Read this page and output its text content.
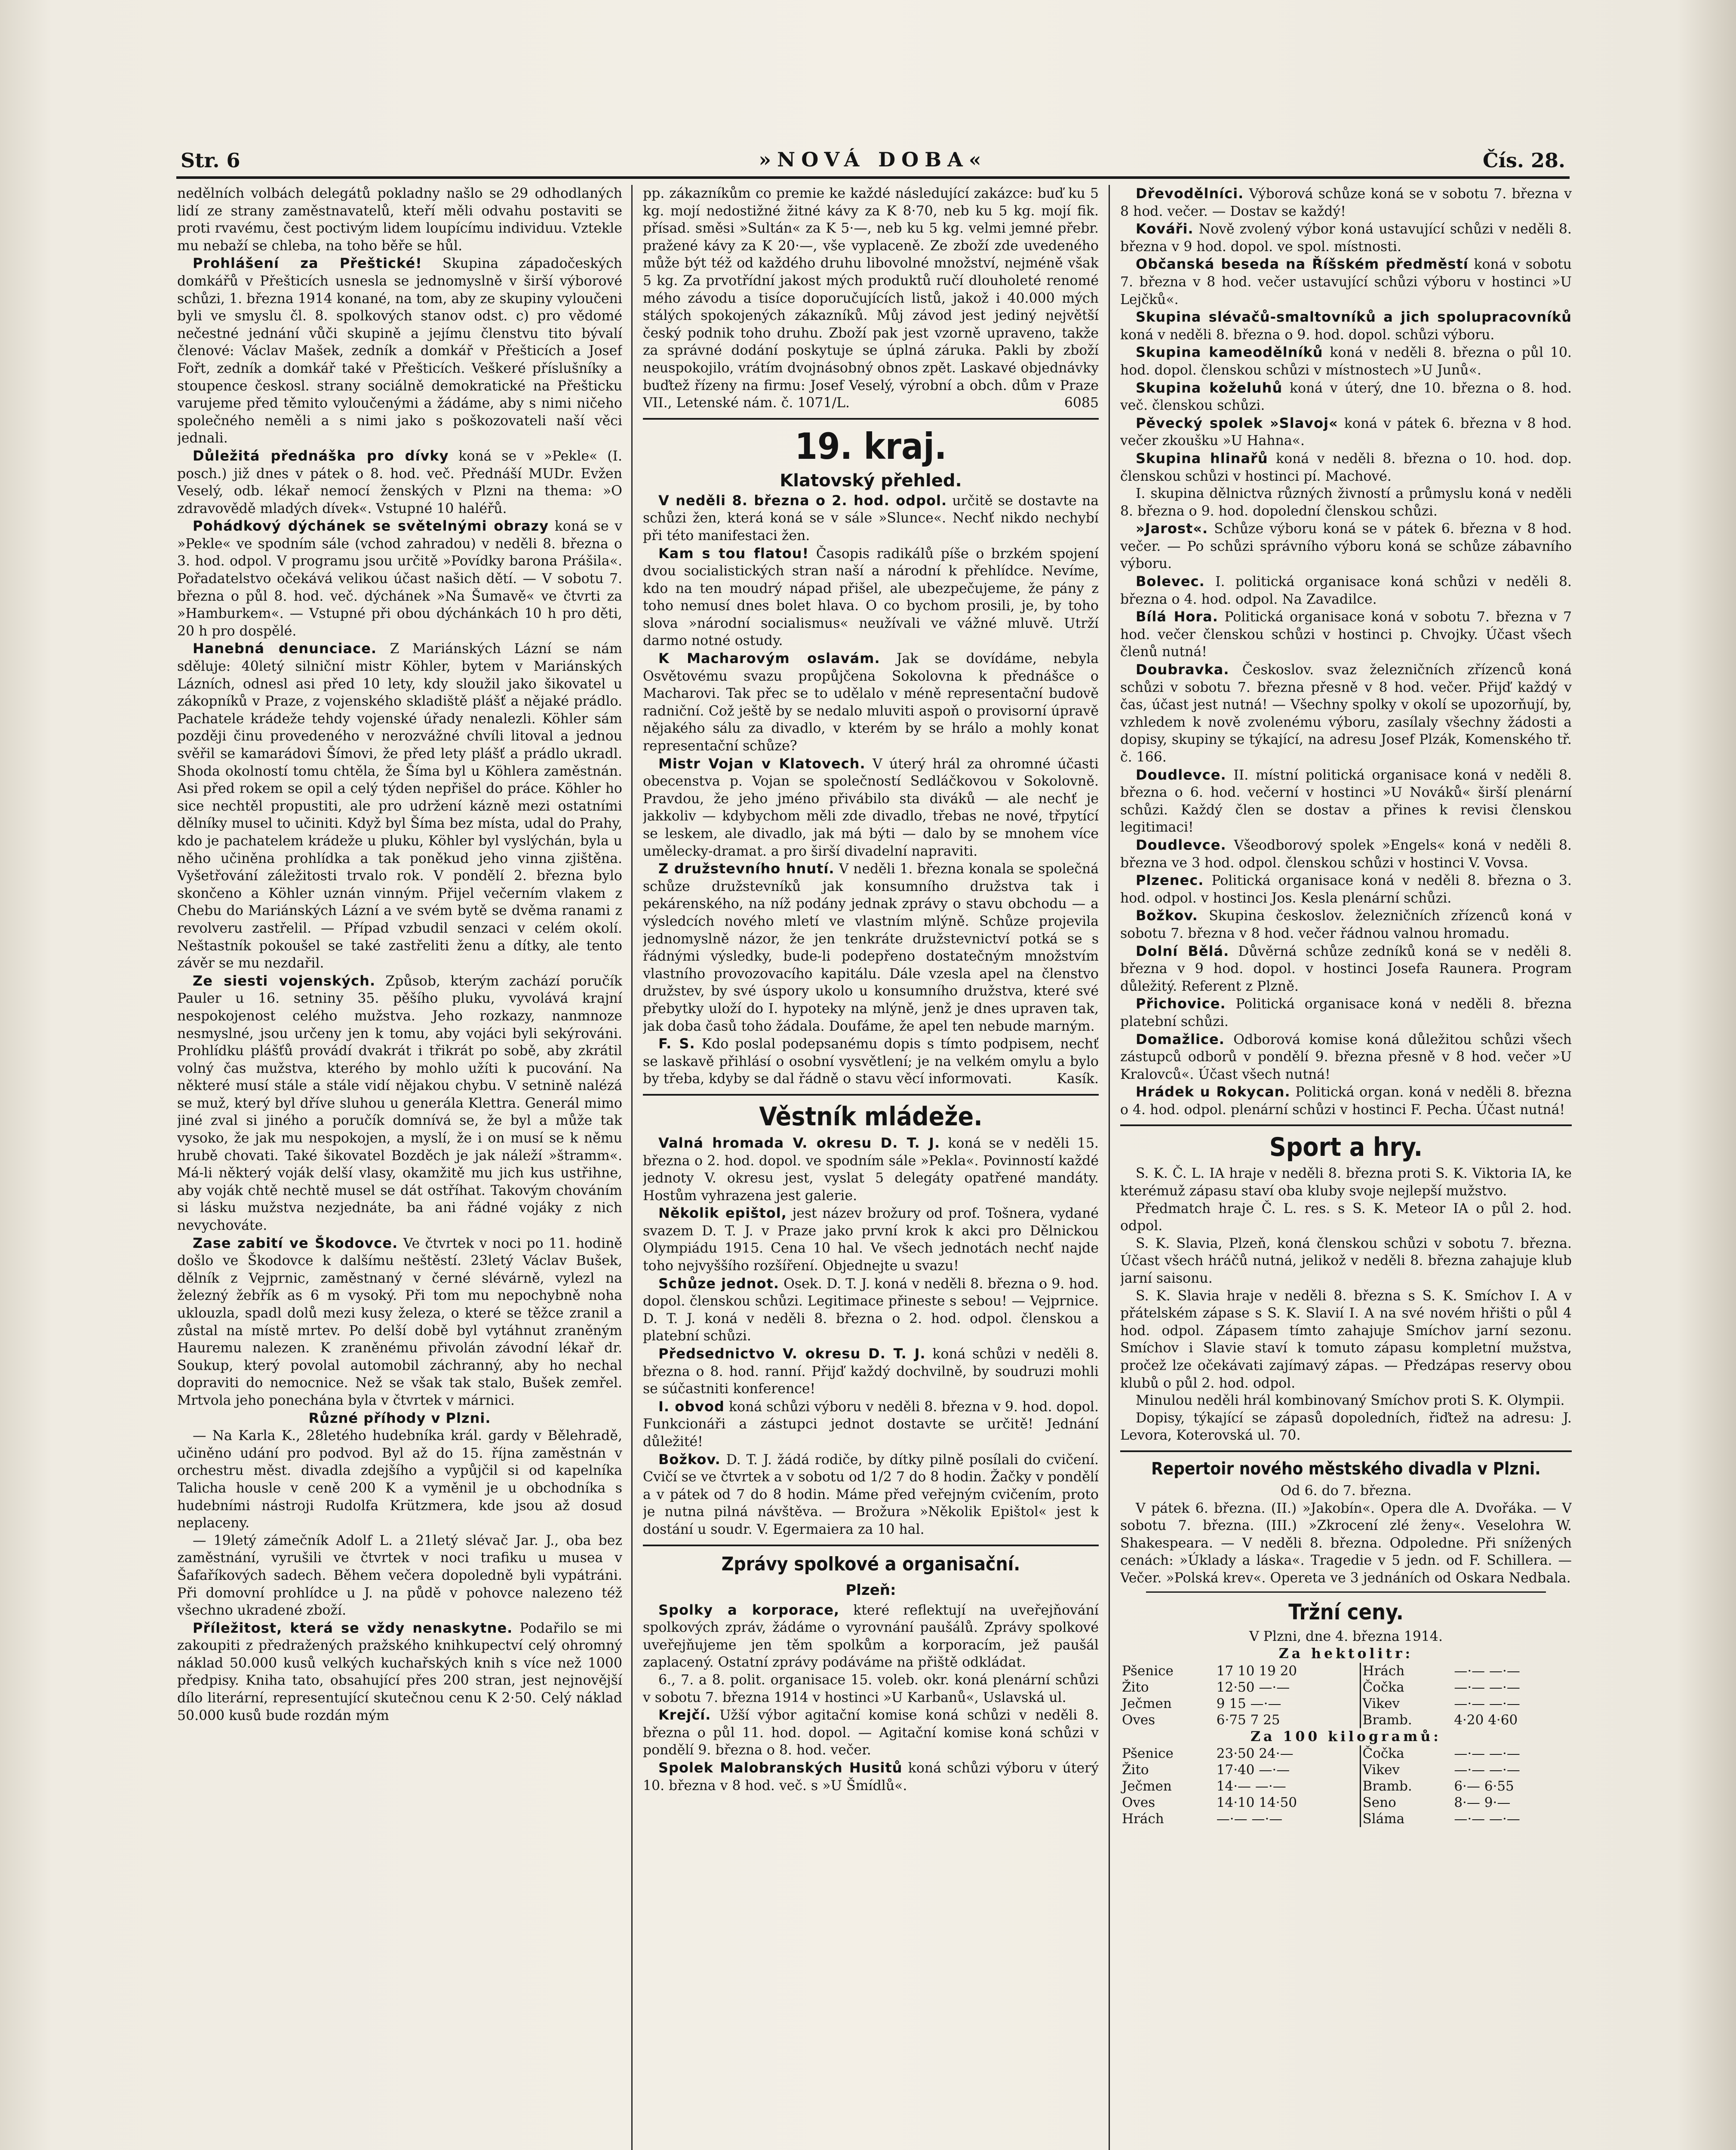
Str. 6	»NOVÁ DOBA«	Čís. 28.

nedělních volbách delegátů pokladny našlo se 29 odhodlaných lidí ze strany zaměstnavatelů, kteří měli odvahu postaviti se proti rvavému, čest poctivým lidem loupícímu individuu. Vztekle mu nebaží se chleba, na toho běře se hůl.

Prohlášení za Přeštické! Skupina západočeských domkářů v Přešticích usnesla se jednomyslně v širší výborové schůzi, 1. března 1914 konané, na tom, aby ze skupiny vyloučeni byli ve smyslu čl. 8. spolkových stanov odst. c) pro vědomé nečestné jednání vůči skupině a jejímu členstvu tito bývalí členové: Václav Mašek, zedník a domkář v Přešticích a Josef Fořt, zedník a domkář také v Přešticích. Veškeré příslušníky a stoupence českosl. strany sociálně demokratické na Přešticku varujeme před těmito vyloučenými a žádáme, aby s nimi ničeho společného neměli a s nimi jako s poškozovateli naší věci jednali.

Důležitá přednáška pro dívky koná se v »Pekle« (I. posch.) již dnes v pátek o 8. hod. več. Přednáší MUDr. Evžen Veselý, odb. lékař nemocí ženských v Plzni na thema: »O zdravovědě mladých dívek«. Vstupné 10 haléřů.

Pohádkový dýchánek se světelnými obrazy koná se v »Pekle« ve spodním sále (vchod zahradou) v neděli 8. března o 3. hod. odpol. V programu jsou určitě »Povídky barona Prášila«. Pořadatelstvo očekává velikou účast našich dětí. — V sobotu 7. března o půl 8. hod. več. dýchánek »Na Šumavě« ve čtvrti za »Hamburkem«. — Vstupné při obou dýchánkách 10 h pro děti, 20 h pro dospělé.

Hanebná denunciace. Z Mariánských Lázní se nám sděluje: 40letý silniční mistr Köhler, bytem v Mariánských Lázních, odnesl asi před 10 lety, kdy sloužil jako šikovatel u zákopníků v Praze, z vojenského skladiště plášť a nějaké prádlo. Pachatele krádeže tehdy vojenské úřady nenalezli. Köhler sám později činu provedeného v nerozvážné chvíli litoval a jednou svěřil se kamarádovi Šímovi, že před lety plášť a prádlo ukradl. Shoda okolností tomu chtěla, že Šíma byl u Köhlera zaměstnán. Asi před rokem se opil a celý týden nepřišel do práce. Köhler ho sice nechtěl propustiti, ale pro udržení kázně mezi ostatními dělníky musel to učiniti. Když byl Šíma bez místa, udal do Prahy, kdo je pachatelem krádeže u pluku, Köhler byl vyslýchán, byla u něho učiněna prohlídka a tak poněkud jeho vinna zjištěna. Vyšetřování záležitosti trvalo rok. V pondělí 2. března bylo skončeno a Köhler uznán vinným. Přijel večerním vlakem z Chebu do Mariánských Lázní a ve svém bytě se dvěma ranami z revolveru zastřelil. — Případ vzbudil senzaci v celém okolí. Neštastník pokoušel se také zastřeliti ženu a dítky, ale tento závěr se mu nezdařil.

Ze siesti vojenských. Způsob, kterým zachází poručík Pauler u 16. setniny 35. pěšího pluku, vyvolává krajní nespokojenost celého mužstva. Jeho rozkazy, nanmnoze nesmyslné, jsou určeny jen k tomu, aby vojáci byli sekýrováni. Prohlídku plášťů provádí dvakrát i třikrát po sobě, aby zkrátil volný čas mužstva, kterého by mohlo užíti k pucování. Na některé musí stále a stále vidí nějakou chybu. V setnině nalézá se muž, který byl dříve sluhou u generála Klettra. Generál mimo jiné zval si jiného a poručík domnívá se, že byl a může tak vysoko, že jak mu nespokojen, a myslí, že i on musí se k němu hrubě chovati. Také šikovatel Bozděch je jak náleží »štramm«. Má-li některý voják delší vlasy, okamžitě mu jich kus ustřihne, aby voják chtě nechtě musel se dát ostříhat. Takovým chováním si lásku mužstva nezjednáte, ba ani řádné vojáky z nich nevychováte.

Zase zabití ve Škodovce. Ve čtvrtek v noci po 11. hodině došlo ve Škodovce k dalšímu neštěstí. 23letý Václav Bušek, dělník z Vejprnic, zaměstnaný v černé slévárně, vylezl na železný žebřík as 6 m vysoký. Při tom mu nepochybně noha uklouzla, spadl dolů mezi kusy železa, o které se těžce zranil a zůstal na místě mrtev. Po delší době byl vytáhnut zraněným Hauremu nalezen. K zraněnému přivolán závodní lékař dr. Soukup, který povolal automobil záchranný, aby ho nechal dopraviti do nemocnice. Než se však tak stalo, Bušek zemřel. Mrtvola jeho ponechána byla v čtvrtek v márnici.

Různé příhody v Plzni.

— Na Karla K., 28letého hudebníka král. gardy v Bělehradě, učiněno udání pro podvod. Byl až do 15. října zaměstnán v orchestru měst. divadla zdejšího a vypůjčil si od kapelníka Talicha housle v ceně 200 K a vyměnil je u obchodníka s hudebními nástroji Rudolfa Krützmera, kde jsou až dosud neplaceny.

— 19letý zámečník Adolf L. a 21letý slévač Jar. J., oba bez zaměstnání, vyrušili ve čtvrtek v noci trafiku u musea v Šafaříkových sadech. Během večera dopoledně byli vypátráni. Při domovní prohlídce u J. na půdě v pohovce nalezeno též všechno ukradené zboží.

Příležitost, která se vždy nenaskytne. Podařilo se mi zakoupiti z předražených pražského knihkupectví celý ohromný náklad 50.000 kusů velkých kuchařských knih s více než 1000 předpisy. Kniha tato, obsahující přes 200 stran, jest nejnovější dílo literární, representující skutečnou cenu K 2·50. Celý náklad 50.000 kusů bude rozdán mým

pp. zákazníkům co premie ke každé následující zakázce: buď ku 5 kg. mojí nedostižné žitné kávy za K 8·70, neb ku 5 kg. mojí fik. přísad. směsi »Sultán« za K 5·—, neb ku 5 kg. velmi jemné přebr. pražené kávy za K 20·—, vše vyplaceně. Ze zboží zde uvedeného může být též od každého druhu libovolné množství, nejméně však 5 kg. Za prvotřídní jakost mých produktů ručí dlouholeté renomé mého závodu a tisíce doporučujících listů, jakož i 40.000 mých stálých spokojených zákazníků. Můj závod jest jediný největší český podnik toho druhu. Zboží pak jest vzorně upraveno, takže za správné dodání poskytuje se úplná záruka. Pakli by zboží neuspokojilo, vrátím dvojnásobný obnos zpět. Laskavé objednávky buďtež řízeny na firmu: Josef Veselý, výrobní a obch. dům v Praze VII., Letenské nám. č. 1071/L.	6085

19. kraj.
Klatovský přehled.

V neděli 8. března o 2. hod. odpol. určitě se dostavte na schůzi žen, která koná se v sále »Slunce«. Nechť nikdo nechybí při této manifestaci žen.

Kam s tou flatou! Časopis radikálů píše o brzkém spojení dvou socialistických stran naší a národní k přehlídce. Nevíme, kdo na ten moudrý nápad přišel, ale ubezpečujeme, že pány z toho nemusí dnes bolet hlava. O co bychom prosili, je, by toho slova »národní socialismus« neužívali ve vážné mluvě. Utrží darmo notné ostudy.

K Macharovým oslavám. Jak se dovídáme, nebyla Osvětovému svazu propůjčena Sokolovna k přednášce o Macharovi. Tak přec se to udělalo v méně representační budově radniční. Což ještě by se nedalo mluviti aspoň o provisorní úpravě nějakého sálu za divadlo, v kterém by se hrálo a mohly konat representační schůze?

Mistr Vojan v Klatovech. V úterý hrál za ohromné účasti obecenstva p. Vojan se společností Sedláčkovou v Sokolovně. Pravdou, že jeho jméno přivábilo sta diváků — ale nechť je jakkoliv — kdybychom měli zde divadlo, třebas ne nové, třpytící se leskem, ale divadlo, jak má býti — dalo by se mnohem více umělecky-dramat. a pro širší divadelní napraviti.

Z družstevního hnutí. V neděli 1. března konala se společná schůze družstevníků jak konsumního družstva tak i pekárenského, na níž podány jednak zprávy o stavu obchodu — a výsledcích nového mletí ve vlastním mlýně. Schůze projevila jednomyslně názor, že jen tenkráte družstevnictví potká se s řádnými výsledky, bude-li podepřeno dostatečným množstvím vlastního provozovacího kapitálu. Dále vzesla apel na členstvo družstev, by své úspory ukolo u konsumního družstva, které své přebytky uloží do I. hypoteky na mlýně, jenž je dnes upraven tak, jak doba časů toho žádala. Doufáme, že apel ten nebude marným.

F. S. Kdo poslal podepsanému dopis s tímto podpisem, nechť se laskavě přihlásí o osobní vysvětlení; je na velkém omylu a bylo by třeba, kdyby se dal řádně o stavu věcí informovati.	Kasík.

Věstník mládeže.

Valná hromada V. okresu D. T. J. koná se v neděli 15. března o 2. hod. dopol. ve spodním sále »Pekla«. Povinností každé jednoty V. okresu jest, vyslat 5 delegáty opatřené mandáty. Hostům vyhrazena jest galerie.

Několik epištol, jest název brožury od prof. Tošnera, vydané svazem D. T. J. v Praze jako první krok k akci pro Dělnickou Olympiádu 1915. Cena 10 hal. Ve všech jednotách nechť najde toho nejvyššího rozšíření. Objednejte u svazu!

Schůze jednot. Osek. D. T. J. koná v neděli 8. března o 9. hod. dopol. členskou schůzi. Legitimace přineste s sebou! — Vejprnice. D. T. J. koná v neděli 8. března o 2. hod. odpol. členskou a platební schůzi.

Předsednictvo V. okresu D. T. J. koná schůzi v neděli 8. března o 8. hod. ranní. Přijď každý dochvilně, by soudruzi mohli se súčastniti konference!

I. obvod koná schůzi výboru v neděli 8. března v 9. hod. dopol. Funkcionáři a zástupci jednot dostavte se určitě! Jednání důležité!

Božkov. D. T. J. žádá rodiče, by dítky pilně posílali do cvičení. Cvičí se ve čtvrtek a v sobotu od 1/2 7 do 8 hodin. Žačky v pondělí a v pátek od 7 do 8 hodin. Máme před veřejným cvičením, proto je nutna pilná návštěva. — Brožura »Několik Epištol« jest k dostání u soudr. V. Egermaiera za 10 hal.

Zprávy spolkové a organisační.
Plzeň:

Spolky a korporace, které reflektují na uveřejňování spolkových zpráv, žádáme o vyrovnání paušálů. Zprávy spolkové uveřejňujeme jen těm spolkům a korporacím, jež paušál zaplacený. Ostatní zprávy podáváme na přiště odkládat.

6., 7. a 8. polit. organisace 15. voleb. okr. koná plenární schůzi v sobotu 7. března 1914 v hostinci »U Karbanů«, Uslavská ul.

Krejčí. Užší výbor agitační komise koná schůzi v neděli 8. března o půl 11. hod. dopol. — Agitační komise koná schůzi v pondělí 9. března o 8. hod. večer.

Spolek Malobranských Husitů koná schůzi výboru v úterý 10. března v 8 hod. več. s »U Šmídlů«.

Dřevodělníci. Výborová schůze koná se v sobotu 7. března v 8 hod. večer. — Dostav se každý!

Kováři. Nově zvolený výbor koná ustavující schůzi v neděli 8. března v 9 hod. dopol. ve spol. místnosti.

Občanská beseda na Říšském předměstí koná v sobotu 7. března v 8 hod. večer ustavující schůzi výboru v hostinci »U Lejčků«.

Skupina slévačů-smaltovníků a jich spolupracovníků koná v neděli 8. března o 9. hod. dopol. schůzi výboru.

Skupina kameodělníků koná v neděli 8. března o půl 10. hod. dopol. členskou schůzi v místnostech »U Junů«.

Skupina koželuhů koná v úterý, dne 10. března o 8. hod. več. členskou schůzi.

Pěvecký spolek »Slavoj« koná v pátek 6. března v 8 hod. večer zkoušku »U Hahna«.

Skupina hlinařů koná v neděli 8. března o 10. hod. dop. členskou schůzi v hostinci pí. Machové.

I. skupina dělnictva různých živností a průmyslu koná v neděli 8. března o 9. hod. dopolední členskou schůzi.

»Jarost«. Schůze výboru koná se v pátek 6. března v 8 hod. večer. — Po schůzi správního výboru koná se schůze zábavního výboru.

Bolevec. I. politická organisace koná schůzi v neděli 8. března o 4. hod. odpol. Na Zavadilce.

Bílá Hora. Politická organisace koná v sobotu 7. března v 7 hod. večer členskou schůzi v hostinci p. Chvojky. Účast všech členů nutná!

Doubravka. Českoslov. svaz železničních zřízenců koná schůzi v sobotu 7. března přesně v 8 hod. večer. Přijď každý v čas, účast jest nutná! — Všechny spolky v okolí se upozorňují, by, vzhledem k nově zvolenému výboru, zasílaly všechny žádosti a dopisy, skupiny se týkající, na adresu Josef Plzák, Komenského tř. č. 166.

Doudlevce. II. místní politická organisace koná v neděli 8. března o 6. hod. večerní v hostinci »U Nováků« širší plenární schůzi. Každý člen se dostav a přines k revisi členskou legitimaci!

Doudlevce. Všeodborový spolek »Engels« koná v neděli 8. března ve 3 hod. odpol. členskou schůzi v hostinci V. Vovsa.

Plzenec. Politická organisace koná v neděli 8. března o 3. hod. odpol. v hostinci Jos. Kesla plenární schůzi.

Božkov. Skupina českoslov. železničních zřízenců koná v sobotu 7. března v 8 hod. večer řádnou valnou hromadu.

Dolní Bělá. Důvěrná schůze zedníků koná se v neděli 8. března v 9 hod. dopol. v hostinci Josefa Raunera. Program důležitý. Referent z Plzně.

Přichovice. Politická organisace koná v neděli 8. března platební schůzi.

Domažlice. Odborová komise koná důležitou schůzi všech zástupců odborů v pondělí 9. března přesně v 8 hod. večer »U Kralovců«. Účast všech nutná!

Hrádek u Rokycan. Politická organ. koná v neděli 8. března o 4. hod. odpol. plenární schůzi v hostinci F. Pecha. Účast nutná!

Sport a hry.

S. K. Č. L. IA hraje v neděli 8. března proti S. K. Viktoria IA, ke kterémuž zápasu staví oba kluby svoje nejlepší mužstvo.

Předmatch hraje Č. L. res. s S. K. Meteor IA o půl 2. hod. odpol.

S. K. Slavia, Plzeň, koná členskou schůzi v sobotu 7. března. Účast všech hráčů nutná, jelikož v neděli 8. března zahajuje klub jarní saisonu.

S. K. Slavia hraje v neděli 8. března s S. K. Smíchov I. A v přátelském zápase s S. K. Slavií I. A na své novém hřišti o půl 4 hod. odpol. Zápasem tímto zahajuje Smíchov jarní sezonu. Smíchov i Slavie staví k tomuto zápasu kompletní mužstva, pročež lze očekávati zajímavý zápas. — Předzápas reservy obou klubů o půl 2. hod. odpol.

Minulou neděli hrál kombinovaný Smíchov proti S. K. Olympii.

Dopisy, týkající se zápasů dopoledních, řiďtež na adresu: J. Levora, Koterovská ul. 70.

Repertoir nového městského divadla v Plzni.

Od 6. do 7. března.

V pátek 6. března. (II.) »Jakobín«. Opera dle A. Dvořáka. — V sobotu 7. března. (III.) »Zkrocení zlé ženy«. Veselohra W. Shakespeara. — V neděli 8. března. Odpoledne. Při snížených cenách: »Úklady a láska«. Tragedie v 5 jedn. od F. Schillera. — Večer. »Polská krev«. Opereta ve 3 jednáních od Oskara Nedbala.

Tržní ceny.

V Plzni, dne 4. března 1914.

Za hektolitr:

Pšenice	17 10 19 20	Hrách	—·— —·—
Žito	12·50 —·—	Čočka	—·— —·—
Ječmen	9 15 —·—	Vikev	—·— —·—
Oves	6·75 7 25	Bramb.	4·20 4·60

Za 100 kilogramů:

Pšenice	23·50 24·—	Čočka	—·— —·—
Žito	17·40 —·—	Vikev	—·— —·—
Ječmen	14·— —·—	Bramb.	6·— 6·55
Oves	14·10 14·50	Seno	8·— 9·—
Hrách	—·— —·—	Sláma	—·— —·—
